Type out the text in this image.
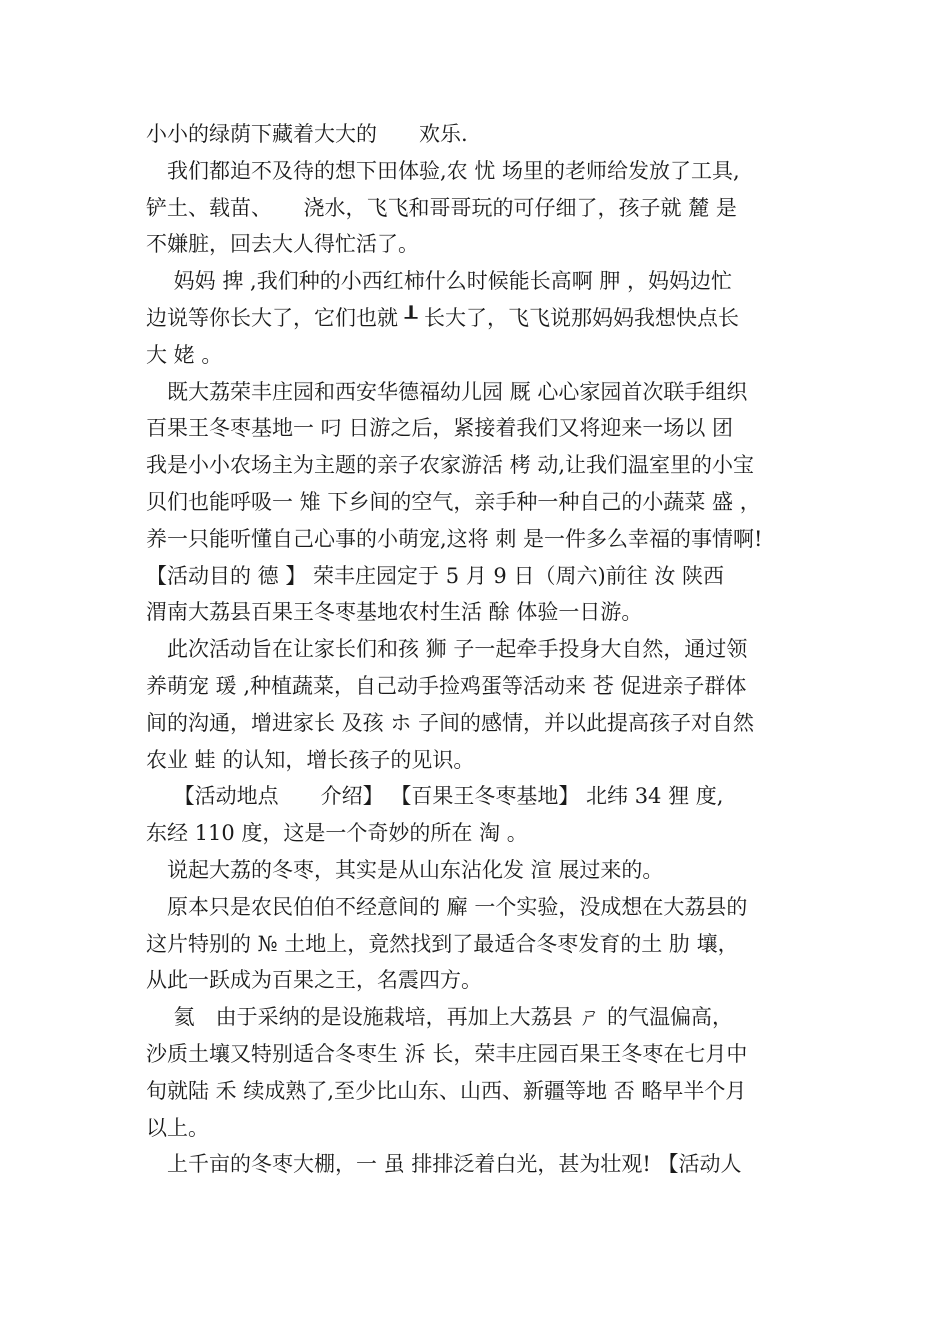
小小的绿荫下藏着大大的　　欢乐.
　我们都迫不及待的想下田体验,农 忧 场里的老师给发放了工具,
铲土、载苗、　　浇水，飞飞和哥哥玩的可仔细了，孩子就 麓 是
不嫌脏，回去大人得忙活了。
　 妈妈 捭 ,我们种的小西红柿什么时候能长高啊 胛 ，妈妈边忙
边说等你长大了，它们也就 ┸ 长大了，飞飞说那妈妈我想快点长
大 姥 。
　既大荔荣丰庄园和西安华德福幼儿园 厩 心心家园首次联手组织
百果王冬枣基地一 叼 日游之后，紧接着我们又将迎来一场以 团
我是小小农场主为主题的亲子农家游活 栲 动,让我们温室里的小宝
贝们也能呼吸一 雉 下乡间的空气，亲手种一种自己的小蔬菜 盛 ，
养一只能听懂自己心事的小萌宠,这将 刺 是一件多么幸福的事情啊!
【活动目的 德 】 荣丰庄园定于 5 月 9 日（周六)前往 汝 陕西
渭南大荔县百果王冬枣基地农村生活 酴 体验一日游。
　此次活动旨在让家长们和孩 狮 子一起牵手投身大自然，通过领
养萌宠 瑗 ,种植蔬菜，自己动手捡鸡蛋等活动来 苍 促进亲子群体
间的沟通，增进家长 及孩 ホ 子间的感情，并以此提高孩子对自然
农业 蛙 的认知，增长孩子的见识。
　 【活动地点　　介绍】 【百果王冬枣基地】 北纬 34 狸 度,
东经 110 度，这是一个奇妙的所在 淘 。
　说起大荔的冬枣，其实是从山东沾化发 渲 展过来的。
　原本只是农民伯伯不经意间的 廨 一个实验，没成想在大荔县的
这片特别的 № 土地上，竟然找到了最适合冬枣发育的土 肋 壤，
从此一跃成为百果之王，名震四方。
　 氦　由于采纳的是设施栽培，再加上大荔县 ㄕ 的气温偏高，
沙质土壤又特别适合冬枣生 泝 长，荣丰庄园百果王冬枣在七月中
旬就陆 禾 续成熟了,至少比山东、山西、新疆等地 否 略早半个月
以上。
　上千亩的冬枣大棚，一 虽 排排泛着白光，甚为壮观! 【活动人
